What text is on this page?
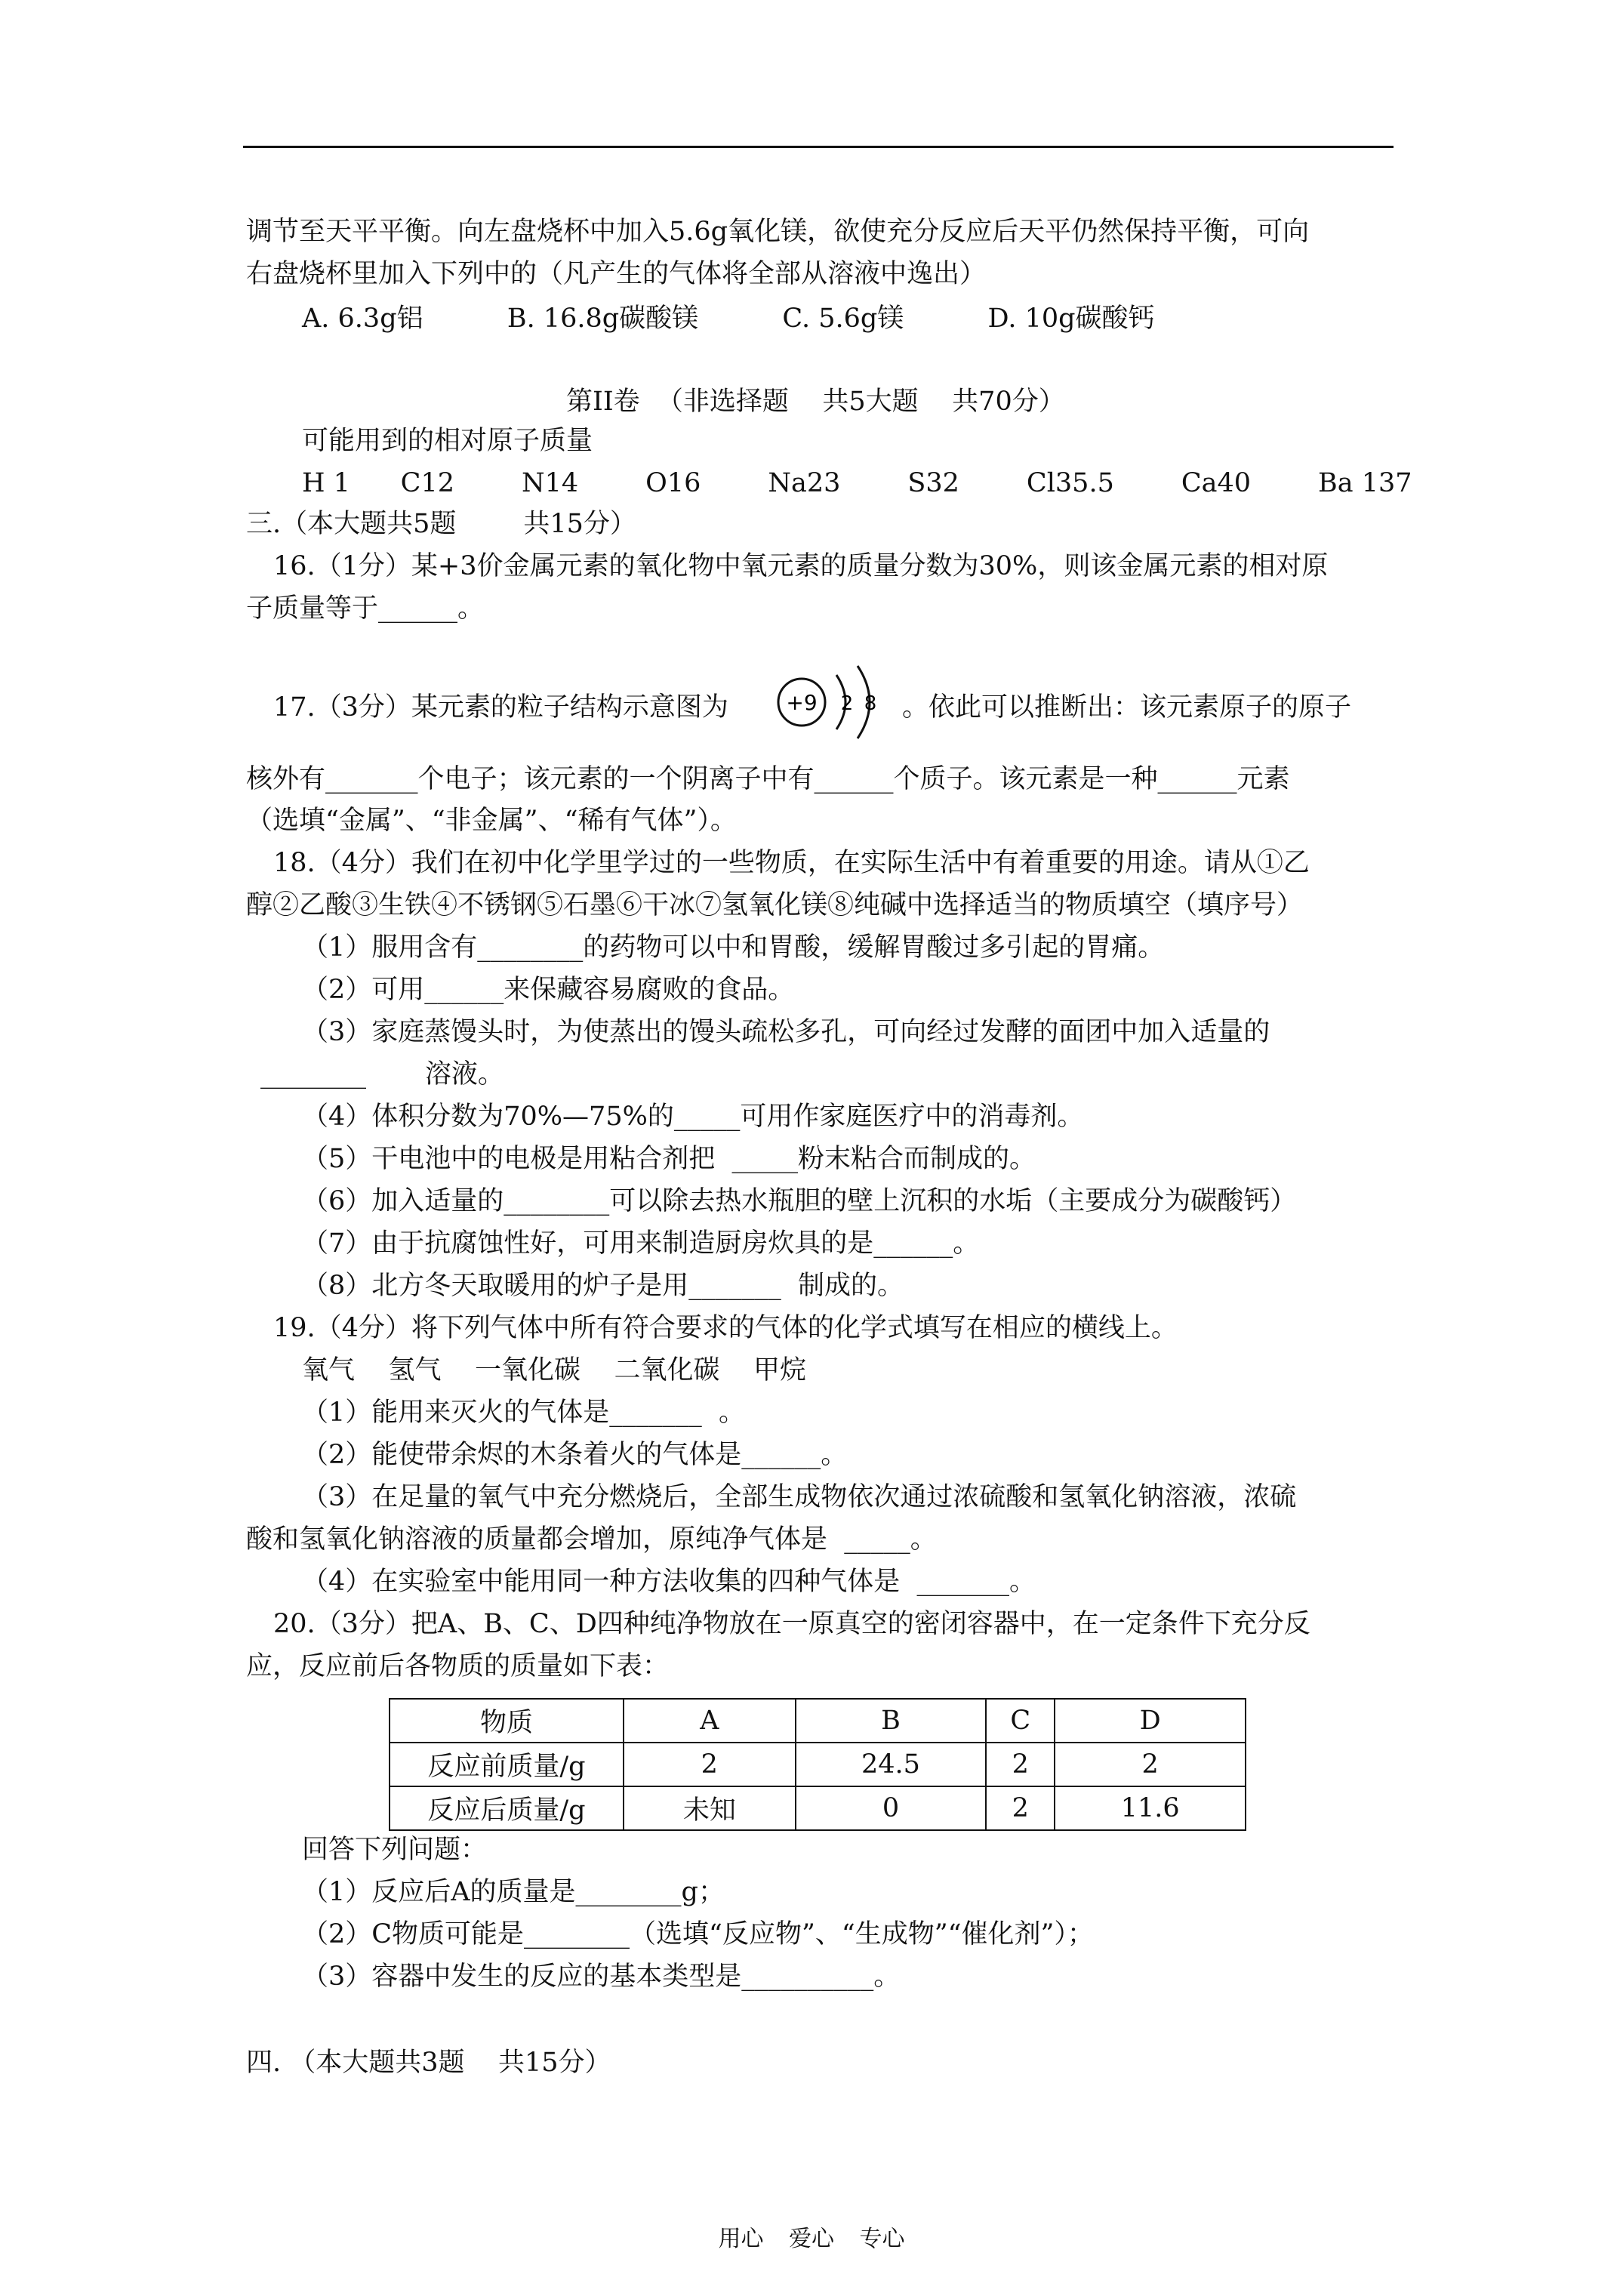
调节至天平平衡。向左盘烧杯中加入5.6g氧化镁，欲使充分反应后天平仍然保持平衡，可向
右盘烧杯里加入下列中的（凡产生的气体将全部从溶液中逸出）
A. 6.3g铝          B. 16.8g碳酸镁          C. 5.6g镁          D. 10g碳酸钙
第II卷  （非选择题    共5大题    共70分）
可能用到的相对原子质量
H 1      C12        N14        O16        Na23        S32        Cl35.5        Ca40        Ba 137
三.（本大题共5题        共15分）
16.（1分）某+3价金属元素的氧化物中氧元素的质量分数为30%，则该金属元素的相对原
子质量等于______。
17.（3分）某元素的粒子结构示意图为	。依此可以推断出：该元素原子的原子
核外有_______个电子；该元素的一个阴离子中有______个质子。该元素是一种______元素
（选填“金属”、“非金属”、“稀有气体”）。
18.（4分）我们在初中化学里学过的一些物质，在实际生活中有着重要的用途。请从①乙
醇②乙酸③生铁④不锈钢⑤石墨⑥干冰⑦氢氧化镁⑧纯碱中选择适当的物质填空（填序号）
（1）服用含有________的药物可以中和胃酸，缓解胃酸过多引起的胃痛。
（2）可用______来保藏容易腐败的食品。
（3）家庭蒸馒头时，为使蒸出的馒头疏松多孔，可向经过发酵的面团中加入适量的
________       溶液。
（4）体积分数为70%—75%的_____可用作家庭医疗中的消毒剂。
（5）干电池中的电极是用粘合剂把  _____粉末粘合而制成的。
（6）加入适量的________可以除去热水瓶胆的壁上沉积的水垢（主要成分为碳酸钙）
（7）由于抗腐蚀性好，可用来制造厨房炊具的是______。
（8）北方冬天取暖用的炉子是用_______  制成的。
19.（4分）将下列气体中所有符合要求的气体的化学式填写在相应的横线上。
氧气    氢气    一氧化碳    二氧化碳    甲烷
（1）能用来灭火的气体是_______  。
（2）能使带余烬的木条着火的气体是______。
（3）在足量的氧气中充分燃烧后，全部生成物依次通过浓硫酸和氢氧化钠溶液，浓硫
酸和氢氧化钠溶液的质量都会增加，原纯净气体是  _____。
（4）在实验室中能用同一种方法收集的四种气体是  _______。
20.（3分）把A、B、C、D四种纯净物放在一原真空的密闭容器中，在一定条件下充分反
应，反应前后各物质的质量如下表：
回答下列问题：
（1）反应后A的质量是________g；
（2）C物质可能是________（选填“反应物”、“生成物”“催化剂”）；
（3）容器中发生的反应的基本类型是__________。
四. （本大题共3题    共15分）
+9 2 8
物质	A	B	C	D
反应前质量/g	2	24.5	2	2
反应后质量/g	未知	0	2	11.6
用心 爱心 专心
